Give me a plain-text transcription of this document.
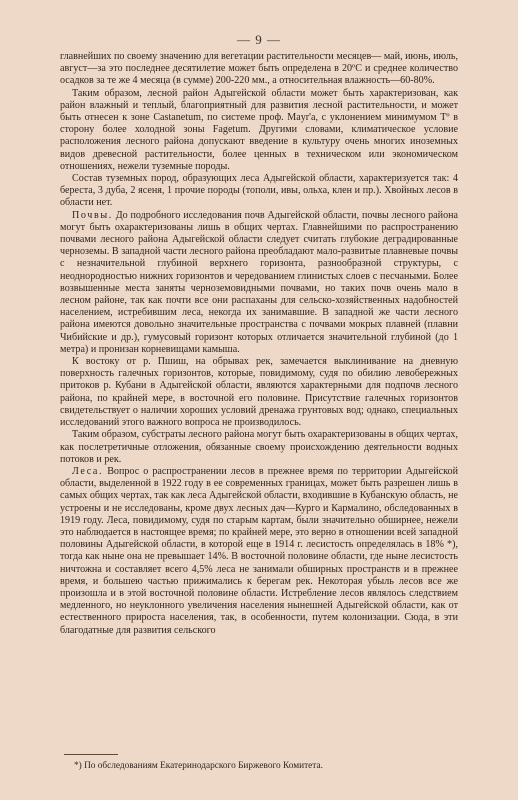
— 9 —

главнейших по своему значению для вегетации растительности месяцев— май, июнь, июль, август—за это последнее десятилетие может быть определена в 20ºC и среднее количество осадков за те же 4 месяца (в сумме) 200-220 мм., а относительная влажность—60-80%.

Таким образом, лесной район Адыгейской области может быть характеризован, как район влажный и теплый, благоприятный для развития лесной растительности, и может быть отнесен к зоне Castanetum, по системе проф. Mayr'а, с уклонением минимумом Tº в сторону более холодной зоны Fagetum. Другими словами, климатическое условие расположения лесного района допускают введение в культуру очень многих иноземных видов древесной растительности, более ценных в техническом или экономическом отношениях, нежели туземные породы.

Состав туземных пород, образующих леса Адыгейской области, характеризуется так: 4 береста, 3 дуба, 2 ясеня, 1 прочие породы (тополи, ивы, ольха, клен и пр.). Хвойных лесов в области нет.

Почвы. До подробного исследования почв Адыгейской области, почвы лесного района могут быть охарактеризованы лишь в общих чертах. Главнейшими по распространению почвами лесного района Адыгейской области следует считать глубокие деградированные черноземы. В западной части лесного района преобладают мало-развитые плавневые почвы с незначительной глубиной верхнего горизонта, разнообразной структуры, с неоднородностью нижних горизонтов и чередованием глинистых слоев с песчаными. Более возвышенные места заняты черноземовидными почвами, но таких почв очень мало в лесном районе, так как почти все они распаханы для сельско-хозяйственных надобностей населением, истребившим леса, некогда их занимавшие. В западной же части лесного района имеются довольно значительные пространства с почвами мокрых плавней (плавни Чибийские и др.), гумусовый горизонт которых отличается значительной глубиной (до 1 метра) и пронизан корневищами камыша.

К востоку от р. Пшиш, на обрывах рек, замечается выклинивание на дневную поверхность галечных горизонтов, которые, повидимому, судя по обилию левобережных притоков р. Кубани в Адыгейской области, являются характерными для подпочв лесного района, по крайней мере, в восточной его половине. Присутствие галечных горизонтов свидетельствует о наличии хороших условий дренажа грунтовых вод; однако, специальных исследований этого важного вопроса не производилось.

Таким образом, субстраты лесного района могут быть охарактеризованы в общих чертах, как послетретичные отложения, обязанные своему происхождению деятельности водных потоков и рек.

Леса. Вопрос о распространении лесов в прежнее время по территории Адыгейской области, выделенной в 1922 году в ее современных границах, может быть разрешен лишь в самых общих чертах, так как леса Адыгейской области, входившие в Кубанскую область, не устроены и не исследованы, кроме двух лесных дач—Курго и Кармалино, обследованных в 1919 году. Леса, повидимому, судя по старым картам, были значительно обширнее, нежели это наблюдается в настоящее время; по крайней мере, это верно в отношении всей западной половины Адыгейской области, в которой еще в 1914 г. лесистость определялась в 18% *), тогда как ныне она не превышает 14%. В восточной половине области, где ныне лесистость ничтожна и составляет всего 4,5% леса не занимали обширных пространств и в прежнее время, и большею частью прижимались к берегам рек. Некоторая убыль лесов все же произошла и в этой восточной половине области. Истребление лесов являлось следствием медленного, но неуклонного увеличения населения нынешней Адыгейской области, как от естественного прироста населения, так, в особенности, путем колонизации. Сюда, в эти благодатные для развития сельского

*) По обследованиям Екатеринодарского Биржевого Комитета.
